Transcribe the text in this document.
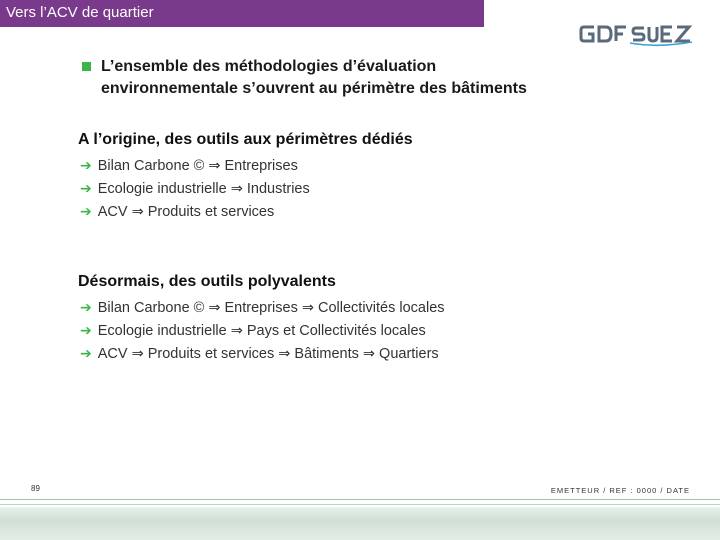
Vers l’ACV de quartier
L’ensemble des méthodologies d’évaluation
environnementale s’ouvrent au périmètre des bâtiments
A l’origine, des outils aux périmètres dédiés
➔ Bilan Carbone © ⇒ Entreprises
➔ Ecologie industrielle ⇒ Industries
➔ ACV ⇒ Produits et services
Désormais, des outils polyvalents
➔ Bilan Carbone © ⇒ Entreprises ⇒ Collectivités locales
➔ Ecologie industrielle ⇒ Pays et Collectivités locales
➔ ACV ⇒ Produits et services ⇒ Bâtiments ⇒ Quartiers
89	EMETTEUR / REF : 0000 / DATE
